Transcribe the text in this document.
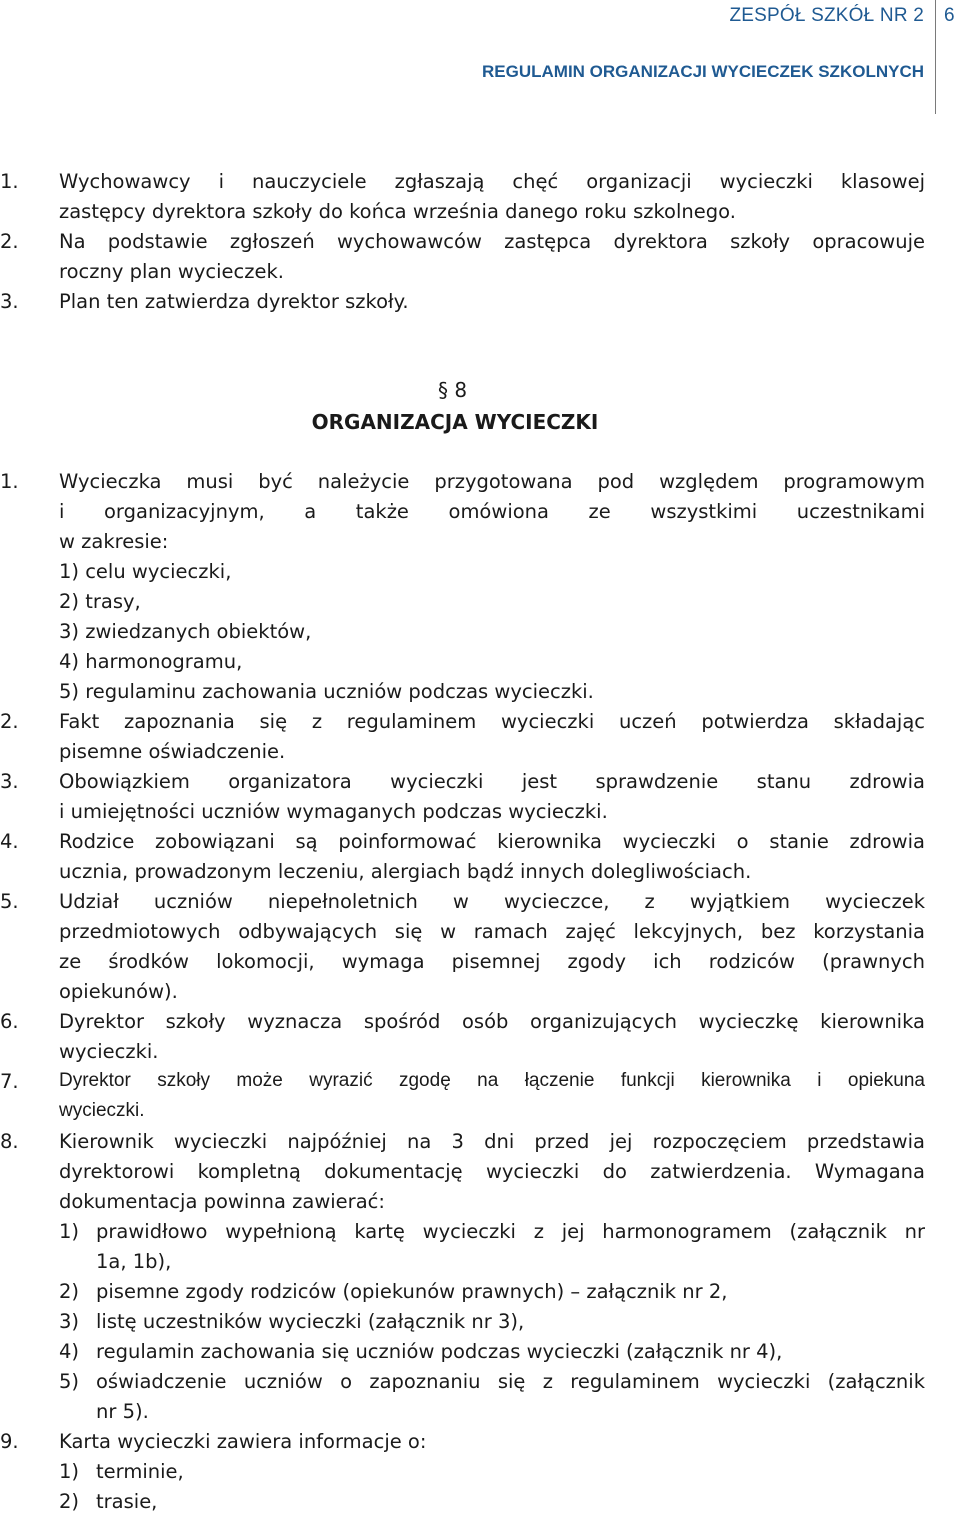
ZESPÓŁ SZKÓŁ NR 2 6
REGULAMIN ORGANIZACJI WYCIECZEK SZKOLNYCH
1. Wychowawcy i nauczyciele zgłaszają chęć organizacji wycieczki klasowej
zastępcy dyrektora szkoły do końca września danego roku szkolnego.
2. Na podstawie zgłoszeń wychowawców zastępca dyrektora szkoły opracowuje
roczny plan wycieczek.
3. Plan ten zatwierdza dyrektor szkoły.
§ 8
ORGANIZACJA WYCIECZKI
1. Wycieczka musi być należycie przygotowana pod względem programowym
i organizacyjnym, a także omówiona ze wszystkimi uczestnikami
w zakresie:
1) celu wycieczki,
2) trasy,
3) zwiedzanych obiektów,
4) harmonogramu,
5) regulaminu zachowania uczniów podczas wycieczki.
2. Fakt zapoznania się z regulaminem wycieczki uczeń potwierdza składając
pisemne oświadczenie.
3. Obowiązkiem organizatora wycieczki jest sprawdzenie stanu zdrowia
i umiejętności uczniów wymaganych podczas wycieczki.
4. Rodzice zobowiązani są poinformować kierownika wycieczki o stanie zdrowia
ucznia, prowadzonym leczeniu, alergiach bądź innych dolegliwościach.
5. Udział uczniów niepełnoletnich w wycieczce, z wyjątkiem wycieczek
przedmiotowych odbywających się w ramach zajęć lekcyjnych, bez korzystania
ze środków lokomocji, wymaga pisemnej zgody ich rodziców (prawnych
opiekunów).
6. Dyrektor szkoły wyznacza spośród osób organizujących wycieczkę kierownika
wycieczki.
7. Dyrektor szkoły może wyrazić zgodę na łączenie funkcji kierownika i opiekuna
wycieczki.
8. Kierownik wycieczki najpóźniej na 3 dni przed jej rozpoczęciem przedstawia
dyrektorowi kompletną dokumentację wycieczki do zatwierdzenia. Wymagana
dokumentacja powinna zawierać:
1) prawidłowo wypełnioną kartę wycieczki z jej harmonogramem (załącznik nr
1a, 1b),
2) pisemne zgody rodziców (opiekunów prawnych) – załącznik nr 2,
3) listę uczestników wycieczki (załącznik nr 3),
4) regulamin zachowania się uczniów podczas wycieczki (załącznik nr 4),
5) oświadczenie uczniów o zapoznaniu się z regulaminem wycieczki (załącznik
nr 5).
9. Karta wycieczki zawiera informacje o:
1) terminie,
2) trasie,
